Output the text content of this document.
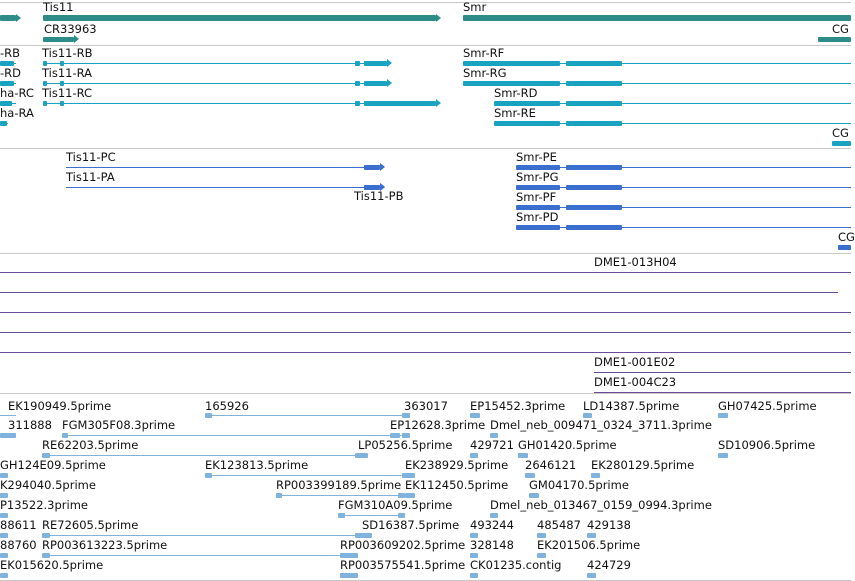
Tis11	Smr
CR33963	CG
-RB Tis11-RB	Smr-RF
-RD Tis11-RA	Smr-RG
ha-RC Tis11-RC	Smr-RD
ha-RA	Smr-RE
CG
Tis11-PC	Smr-PE
Tis11-PA	Smr-PG
Tis11-PB	Smr-PF
Smr-PD
CG
DME1-013H04
DME1-001E02
DME1-004C23
EK190949.5prime	165926	363017 EP15452.3prime LD14387.5prime	GH07425.5prime
311888 FGM305F08.3prime	EP12628.3prime Dmel_neb_009471_0324_3711.3prime
RE62203.5prime	LP05256.5prime 429721 GH01420.5prime	SD10906.5prime
GH124E09.5prime	EK123813.5prime	EK238929.5prime 2646121 EK280129.5prime
K294040.5prime	RP003399189.5prime EK112450.5prime GM04170.5prime
P13522.3prime	FGM310A09.5prime	Dmel_neb_013467_0159_0994.3prime
88611 RE72605.5prime	SD16387.5prime 493244 485487 429138
88760 RP003613223.5prime	RP003609202.5prime 328148 EK201506.5prime
EK015620.5prime	RP003575541.5prime CK01235.contig 424729
